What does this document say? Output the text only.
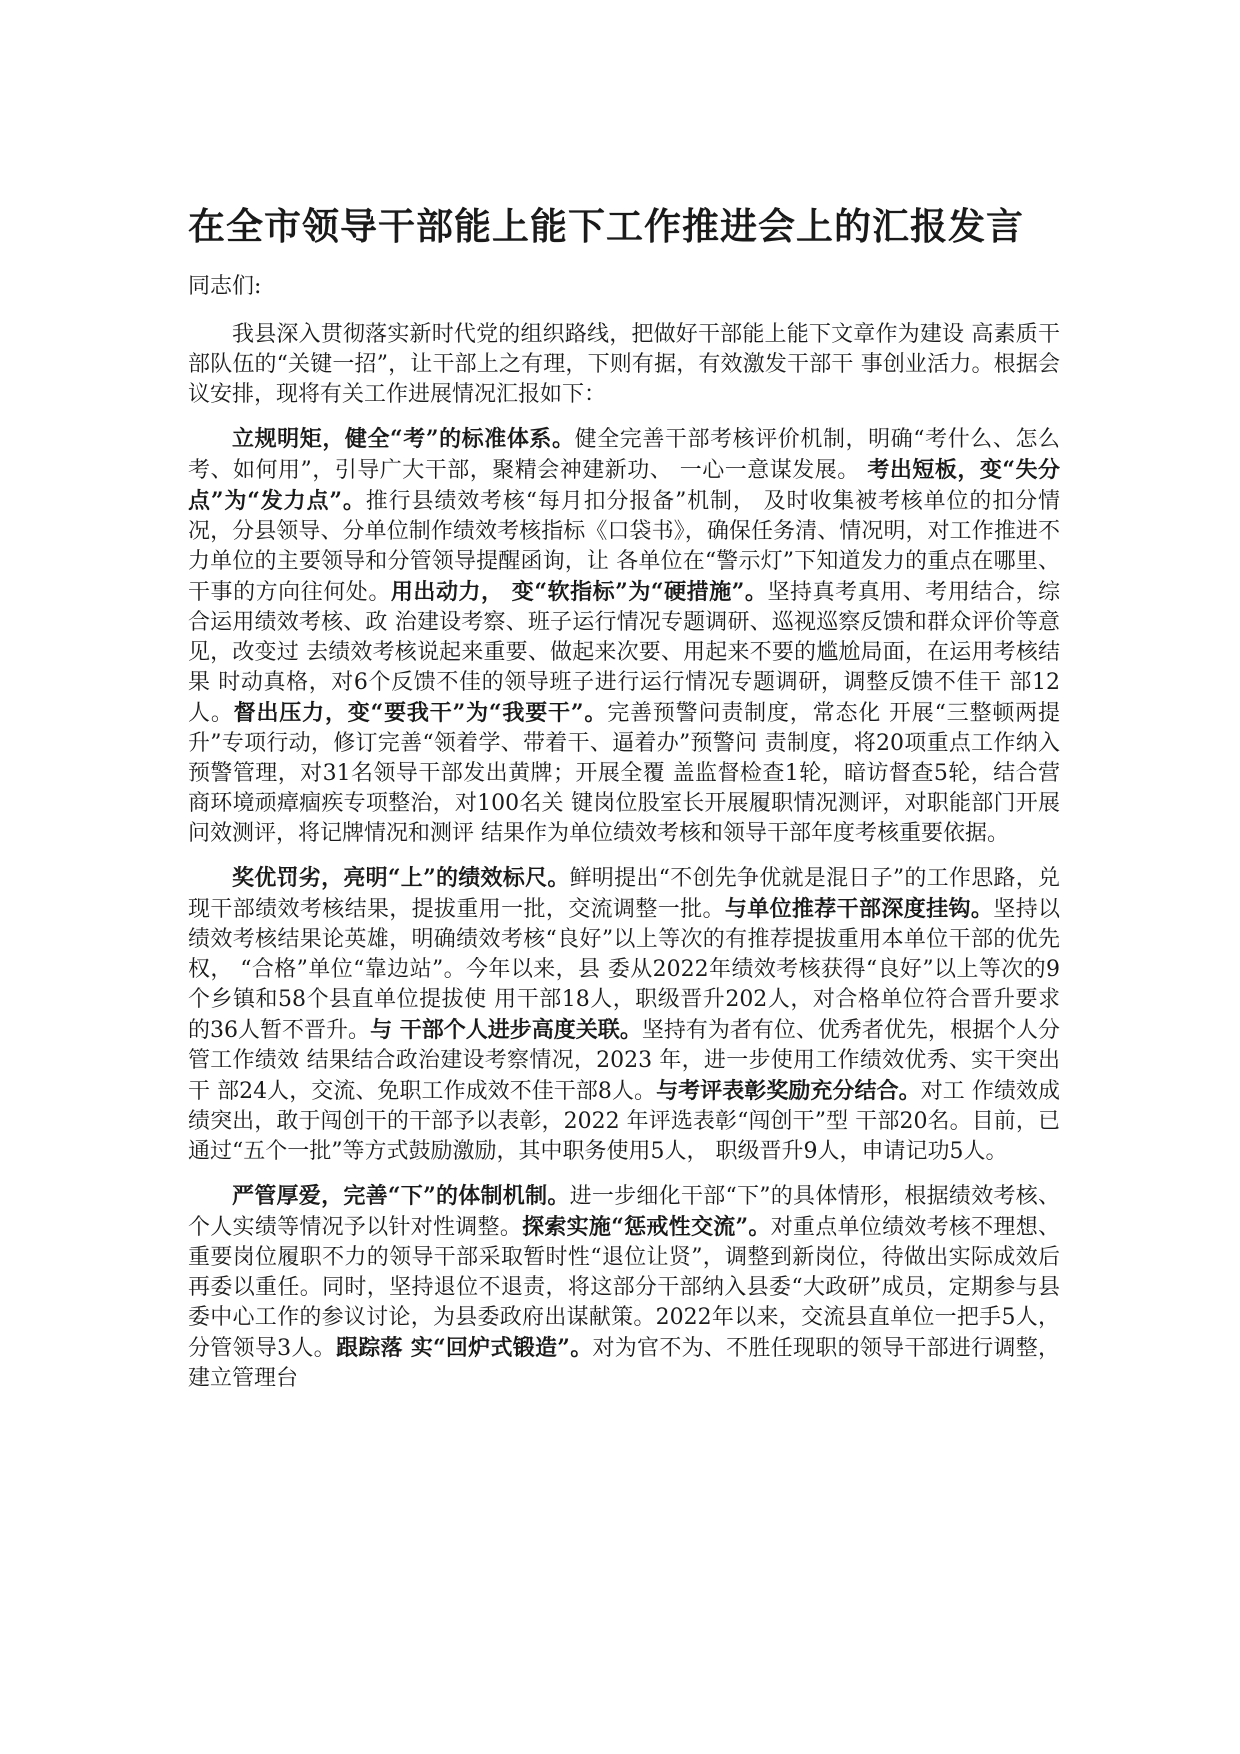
在全市领导干部能上能下工作推进会上的汇报发言

同志们:

我县深入贯彻落实新时代党的组织路线，把做好干部能上能下文章作为建设 高素质干部队伍的“关键一招”，让干部上之有理，下则有据，有效激发干部干 事创业活力。根据会议安排，现将有关工作进展情况汇报如下：

立规明矩，健全“考”的标准体系。健全完善干部考核评价机制，明确“考什么、怎么考、如何用”，引导广大干部，聚精会神建新功、 一心一意谋发展。 考出短板，变“失分点”为“发力点”。推行县绩效考核“每月扣分报备”机制， 及时收集被考核单位的扣分情况，分县领导、分单位制作绩效考核指标《口袋书》，确保任务清、情况明，对工作推进不力单位的主要领导和分管领导提醒函询，让 各单位在“警示灯”下知道发力的重点在哪里、干事的方向往何处。用出动力， 变“软指标”为“硬措施”。坚持真考真用、考用结合，综合运用绩效考核、政 治建设考察、班子运行情况专题调研、巡视巡察反馈和群众评价等意见，改变过 去绩效考核说起来重要、做起来次要、用起来不要的尴尬局面，在运用考核结果 时动真格，对6个反馈不佳的领导班子进行运行情况专题调研，调整反馈不佳干 部12人。督出压力，变“要我干”为“我要干”。完善预警问责制度，常态化 开展“三整顿两提升”专项行动，修订完善“领着学、带着干、逼着办”预警问 责制度，将20项重点工作纳入预警管理，对31名领导干部发出黄牌；开展全覆 盖监督检查1轮，暗访督查5轮，结合营商环境顽瘴痼疾专项整治，对100名关 键岗位股室长开展履职情况测评，对职能部门开展问效测评，将记牌情况和测评 结果作为单位绩效考核和领导干部年度考核重要依据。

奖优罚劣，亮明“上”的绩效标尺。鲜明提出“不创先争优就是混日子”的工作思路，兑现干部绩效考核结果，提拔重用一批，交流调整一批。与单位推荐干部深度挂钩。坚持以绩效考核结果论英雄，明确绩效考核“良好”以上等次的有推荐提拔重用本单位干部的优先权， “合格”单位“靠边站”。今年以来，县 委从2022年绩效考核获得“良好”以上等次的9个乡镇和58个县直单位提拔使 用干部18人，职级晋升202人，对合格单位符合晋升要求的36人暂不晋升。与 干部个人进步高度关联。坚持有为者有位、优秀者优先，根据个人分管工作绩效 结果结合政治建设考察情况，2023 年，进一步使用工作绩效优秀、实干突出干 部24人，交流、免职工作成效不佳干部8人。与考评表彰奖励充分结合。对工 作绩效成绩突出，敢于闯创干的干部予以表彰，2022 年评选表彰“闯创干”型 干部20名。目前，已通过“五个一批”等方式鼓励激励，其中职务使用5人， 职级晋升9人，申请记功5人。

严管厚爱，完善“下”的体制机制。进一步细化干部“下”的具体情形，根据绩效考核、个人实绩等情况予以针对性调整。探索实施“惩戒性交流”。对重点单位绩效考核不理想、重要岗位履职不力的领导干部采取暂时性“退位让贤”，调整到新岗位，待做出实际成效后再委以重任。同时，坚持退位不退责，将这部分干部纳入县委“大政研”成员，定期参与县委中心工作的参议讨论，为县委政府出谋献策。2022年以来，交流县直单位一把手5人，分管领导3人。跟踪落 实“回炉式锻造”。对为官不为、不胜任现职的领导干部进行调整，建立管理台
